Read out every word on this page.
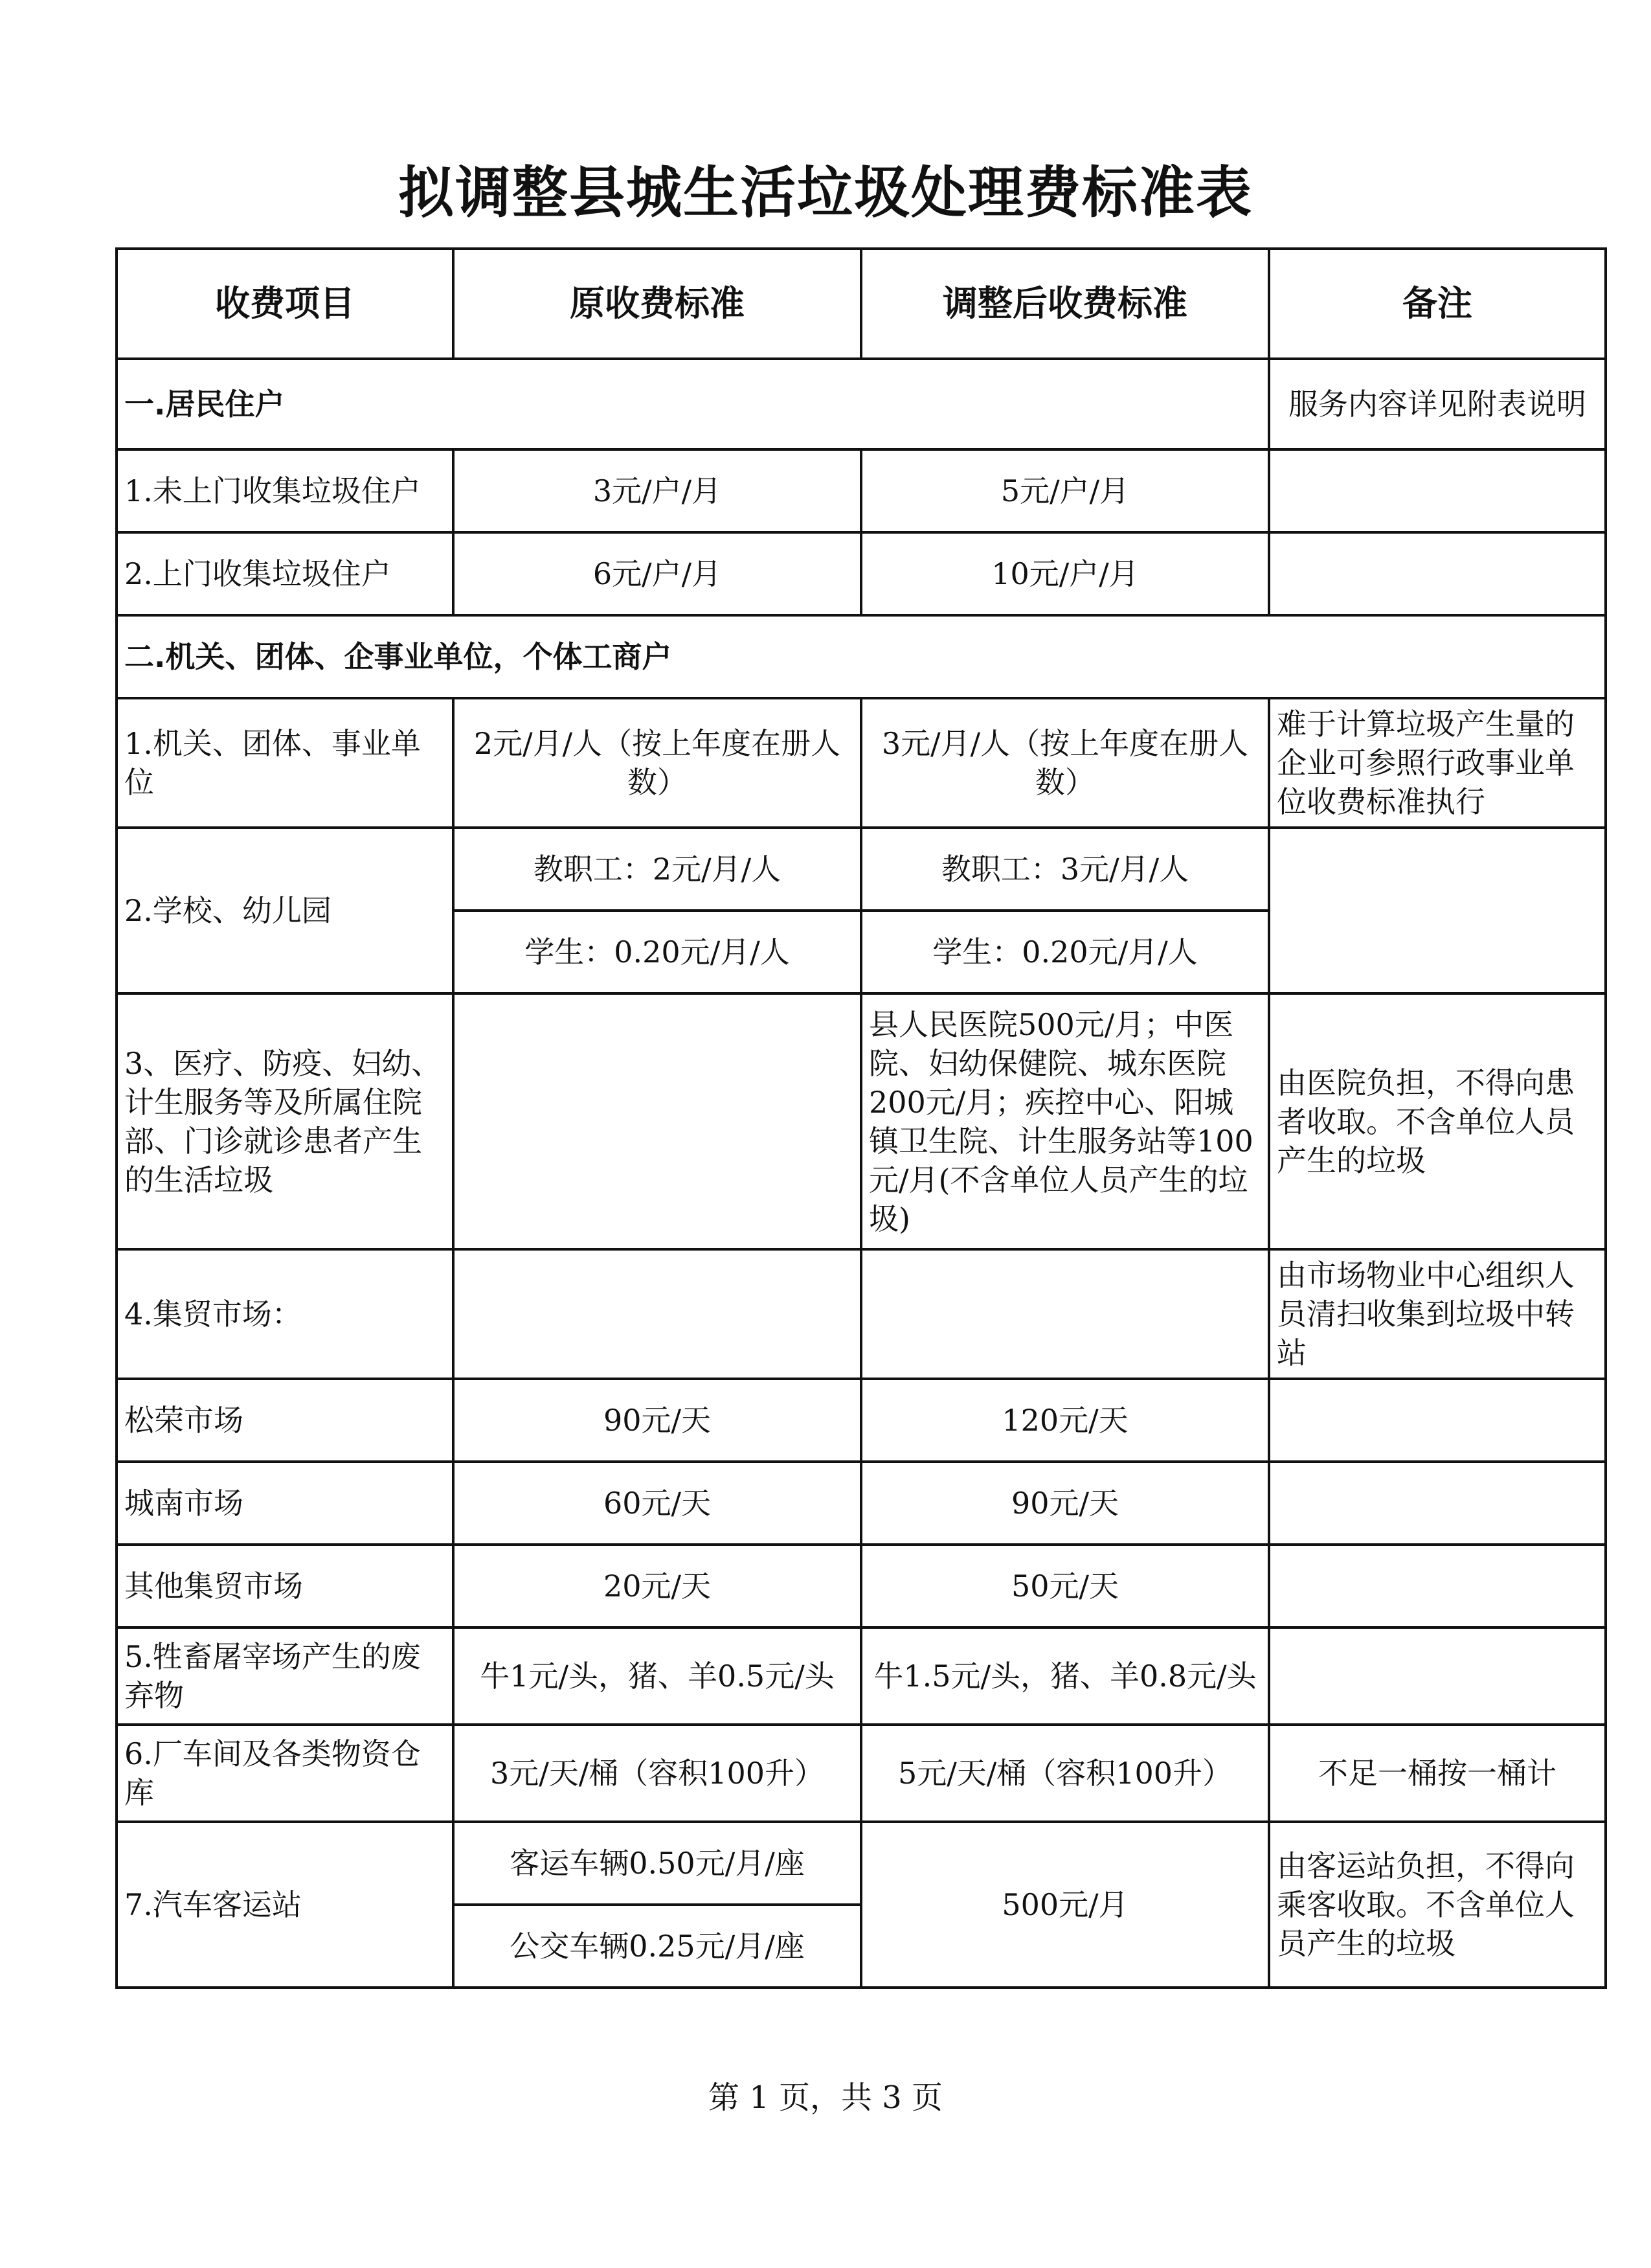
拟调整县城生活垃圾处理费标准表
收费项目	原收费标准	调整后收费标准	备注
一.居民住户			服务内容详见附表说明
1.未上门收集垃圾住户	3元/户/月	5元/户/月	
2.上门收集垃圾住户	6元/户/月	10元/户/月	
二.机关、团体、企事业单位，个体工商户			
1.机关、团体、事业单位	2元/月/人（按上年度在册人数）	3元/月/人（按上年度在册人数）	难于计算垃圾产生量的企业可参照行政事业单位收费标准执行
2.学校、幼儿园	教职工：2元/月/人	教职工：3元/月/人	
	学生：0.20元/月/人	学生：0.20元/月/人	
3、医疗、防疫、妇幼、计生服务等及所属住院部、门诊就诊患者产生的生活垃圾		县人民医院500元/月；中医院、妇幼保健院、城东医院200元/月；疾控中心、阳城镇卫生院、计生服务站等100元/月(不含单位人员产生的垃圾)	由医院负担，不得向患者收取。不含单位人员产生的垃圾
4.集贸市场：			由市场物业中心组织人员清扫收集到垃圾中转站
松荣市场	90元/天	120元/天	
城南市场	60元/天	90元/天	
其他集贸市场	20元/天	50元/天	
5.牲畜屠宰场产生的废弃物	牛1元/头，猪、羊0.5元/头	牛1.5元/头，猪、羊0.8元/头	
6.厂车间及各类物资仓库	3元/天/桶（容积100升）	5元/天/桶（容积100升）	不足一桶按一桶计
7.汽车客运站	客运车辆0.50元/月/座	500元/月	由客运站负担，不得向乘客收取。不含单位人员产生的垃圾
	公交车辆0.25元/月/座		
第 1 页，共 3 页
